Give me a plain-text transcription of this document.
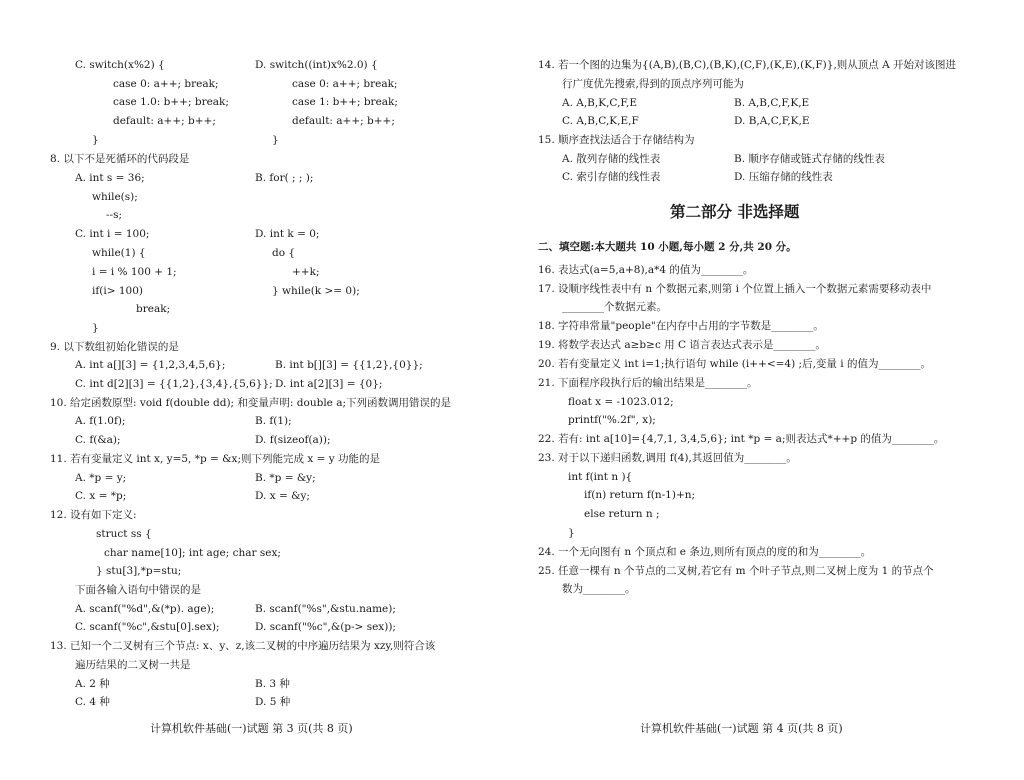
C. switch(x%2) {
case 0: a++; break;
case 1.0: b++; break;
default: a++; b++;
}
D. switch((int)x%2.0) {
case 0: a++; break;
case 1: b++; break;
default: a++; b++;
}
8. 以下不是死循环的代码段是
A. int s = 36;
while(s);
--s;
B. for( ; ; );
C. int i = 100;
while(1) {
i = i % 100 + 1;
if(i> 100)
break;
}
D. int k = 0;
do {
++k;
} while(k >= 0);
9. 以下数组初始化错误的是
A. int a[][3] = {1,2,3,4,5,6};	B. int b[][3] = {{1,2},{0}};
C. int d[2][3] = {{1,2},{3,4},{5,6}}; D. int a[2][3] = {0};
10. 给定函数原型: void f(double dd); 和变量声明: double a;下列函数调用错误的是
A. f(1.0f);	B. f(1);
C. f(&a);	D. f(sizeof(a));
11. 若有变量定义 int x, y=5, *p = &x;则下列能完成 x = y 功能的是
A. *p = y;	B. *p = &y;
C. x = *p;	D. x = &y;
12. 设有如下定义:
struct ss {
char name[10]; int age; char sex;
} stu[3],*p=stu;
下面各输入语句中错误的是
A. scanf("%d",&(*p). age);	B. scanf("%s",&stu.name);
C. scanf("%c",&stu[0].sex);	D. scanf("%c",&(p-> sex));
13. 已知一个二叉树有三个节点: x、y、z,该二叉树的中序遍历结果为 xzy,则符合该
遍历结果的二叉树一共是
A. 2 种	B. 3 种
C. 4 种	D. 5 种
计算机软件基础(一)试题 第 3 页(共 8 页)
14. 若一个图的边集为{(A,B),(B,C),(B,K),(C,F),(K,E),(K,F)},则从顶点 A 开始对该图进
行广度优先搜索,得到的顶点序列可能为
A. A,B,K,C,F,E	B. A,B,C,F,K,E
C. A,B,C,K,E,F	D. B,A,C,F,K,E
15. 顺序查找法适合于存储结构为
A. 散列存储的线性表	B. 顺序存储或链式存储的线性表
C. 索引存储的线性表	D. 压缩存储的线性表
第二部分 非选择题
二、填空题:本大题共 10 小题,每小题 2 分,共 20 分。
16. 表达式(a=5,a+8),a*4 的值为________。
17. 设顺序线性表中有 n 个数据元素,则第 i 个位置上插入一个数据元素需要移动表中
________个数据元素。
18. 字符串常量"people"在内存中占用的字节数是________。
19. 将数学表达式 a≥b≥c 用 C 语言表达式表示是________。
20. 若有变量定义 int i=1;执行语句 while (i++<=4) ;后,变量 i 的值为________。
21. 下面程序段执行后的输出结果是________。
float x = -1023.012;
printf("%.2f", x);
22. 若有: int a[10]={4,7,1, 3,4,5,6}; int *p = a;则表达式*++p 的值为________。
23. 对于以下递归函数,调用 f(4),其返回值为________。
int f(int n ){
if(n) return f(n-1)+n;
else return n ;
}
24. 一个无向图有 n 个顶点和 e 条边,则所有顶点的度的和为________。
25. 任意一棵有 n 个节点的二叉树,若它有 m 个叶子节点,则二叉树上度为 1 的节点个
数为________。
计算机软件基础(一)试题 第 4 页(共 8 页)
